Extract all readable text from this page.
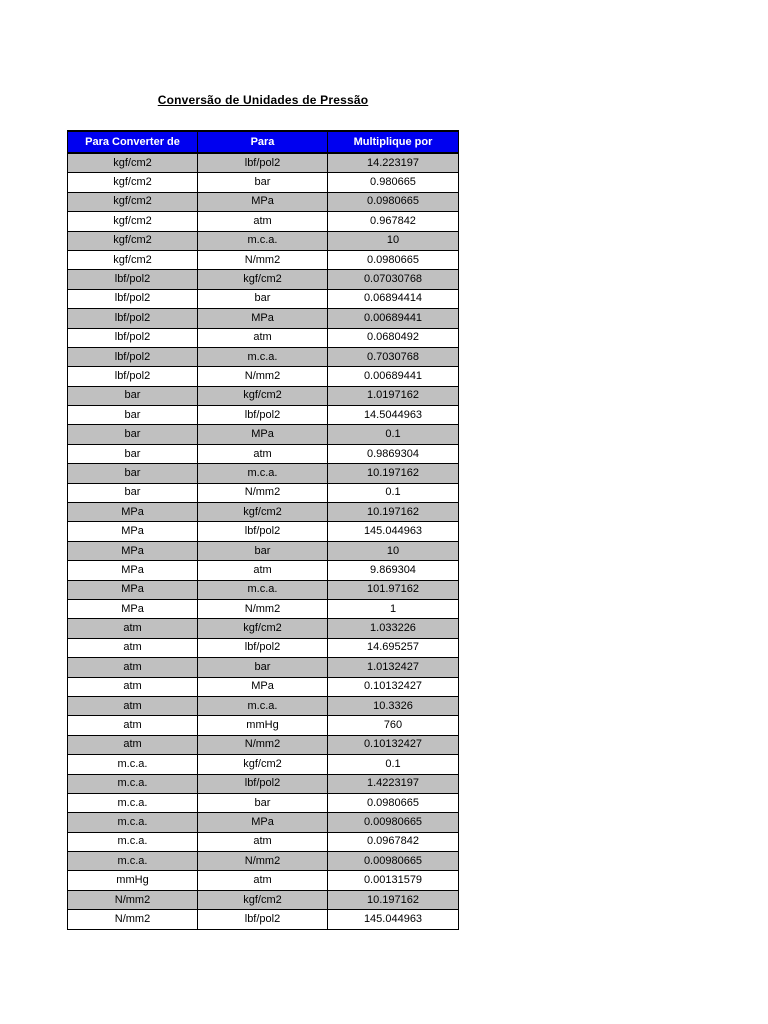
Conversão de Unidades de Pressão
Para Converter de	Para	Multiplique por
kgf/cm2	lbf/pol2	14.223197
kgf/cm2	bar	0.980665
kgf/cm2	MPa	0.0980665
kgf/cm2	atm	0.967842
kgf/cm2	m.c.a.	10
kgf/cm2	N/mm2	0.0980665
lbf/pol2	kgf/cm2	0.07030768
lbf/pol2	bar	0.06894414
lbf/pol2	MPa	0.00689441
lbf/pol2	atm	0.0680492
lbf/pol2	m.c.a.	0.7030768
lbf/pol2	N/mm2	0.00689441
bar	kgf/cm2	1.0197162
bar	lbf/pol2	14.5044963
bar	MPa	0.1
bar	atm	0.9869304
bar	m.c.a.	10.197162
bar	N/mm2	0.1
MPa	kgf/cm2	10.197162
MPa	lbf/pol2	145.044963
MPa	bar	10
MPa	atm	9.869304
MPa	m.c.a.	101.97162
MPa	N/mm2	1
atm	kgf/cm2	1.033226
atm	lbf/pol2	14.695257
atm	bar	1.0132427
atm	MPa	0.10132427
atm	m.c.a.	10.3326
atm	mmHg	760
atm	N/mm2	0.10132427
m.c.a.	kgf/cm2	0.1
m.c.a.	lbf/pol2	1.4223197
m.c.a.	bar	0.0980665
m.c.a.	MPa	0.00980665
m.c.a.	atm	0.0967842
m.c.a.	N/mm2	0.00980665
mmHg	atm	0.00131579
N/mm2	kgf/cm2	10.197162
N/mm2	lbf/pol2	145.044963
